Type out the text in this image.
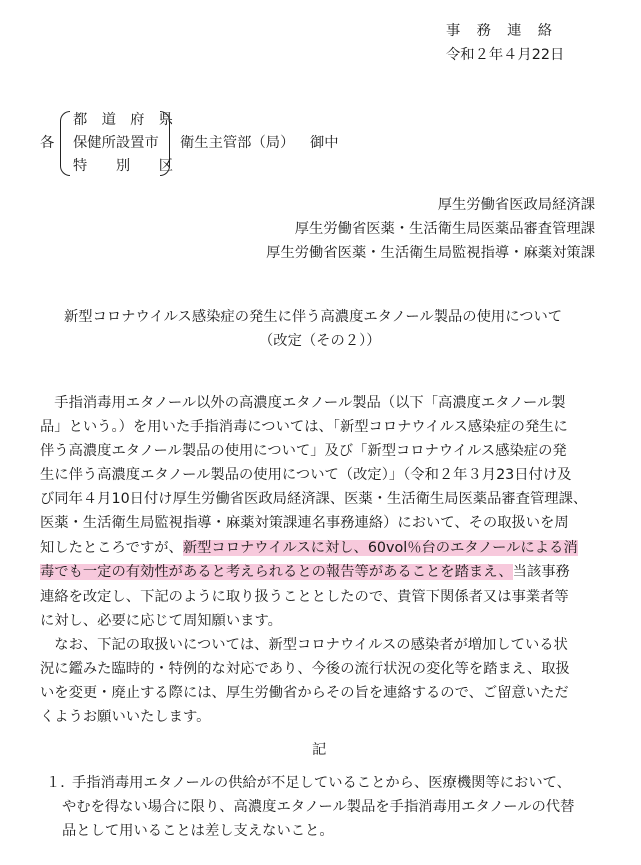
事　務　連　絡
令和２年４月22日
各
都　道　府　県
保健所設置市
特　　別　　区
衛生主管部（局） 御中
厚生労働省医政局経済課
厚生労働省医薬・生活衛生局医薬品審査管理課
厚生労働省医薬・生活衛生局監視指導・麻薬対策課
新型コロナウイルス感染症の発生に伴う高濃度エタノール製品の使用について
（改定（その２））
　手指消毒用エタノール以外の高濃度エタノール製品（以下「高濃度エタノール製
品」という。）を用いた手指消毒については、「新型コロナウイルス感染症の発生に
伴う高濃度エタノール製品の使用について」及び「新型コロナウイルス感染症の発
生に伴う高濃度エタノール製品の使用について（改定）」（令和２年３月23日付け及
び同年４月10日付け厚生労働省医政局経済課、医薬・生活衛生局医薬品審査管理課、
医薬・生活衛生局監視指導・麻薬対策課連名事務連絡）において、その取扱いを周
知したところですが、新型コロナウイルスに対し、60vol％台のエタノールによる消
毒でも一定の有効性があると考えられるとの報告等があることを踏まえ、当該事務
連絡を改定し、下記のように取り扱うこととしたので、貴管下関係者又は事業者等
に対し、必要に応じて周知願います。
　なお、下記の取扱いについては、新型コロナウイルスの感染者が増加している状
況に鑑みた臨時的・特例的な対応であり、今後の流行状況の変化等を踏まえ、取扱
いを変更・廃止する際には、厚生労働省からその旨を連絡するので、ご留意いただ
くようお願いいたします。
記
１．
手指消毒用エタノールの供給が不足していることから、医療機関等において、
やむを得ない場合に限り、高濃度エタノール製品を手指消毒用エタノールの代替
品として用いることは差し支えないこと。
